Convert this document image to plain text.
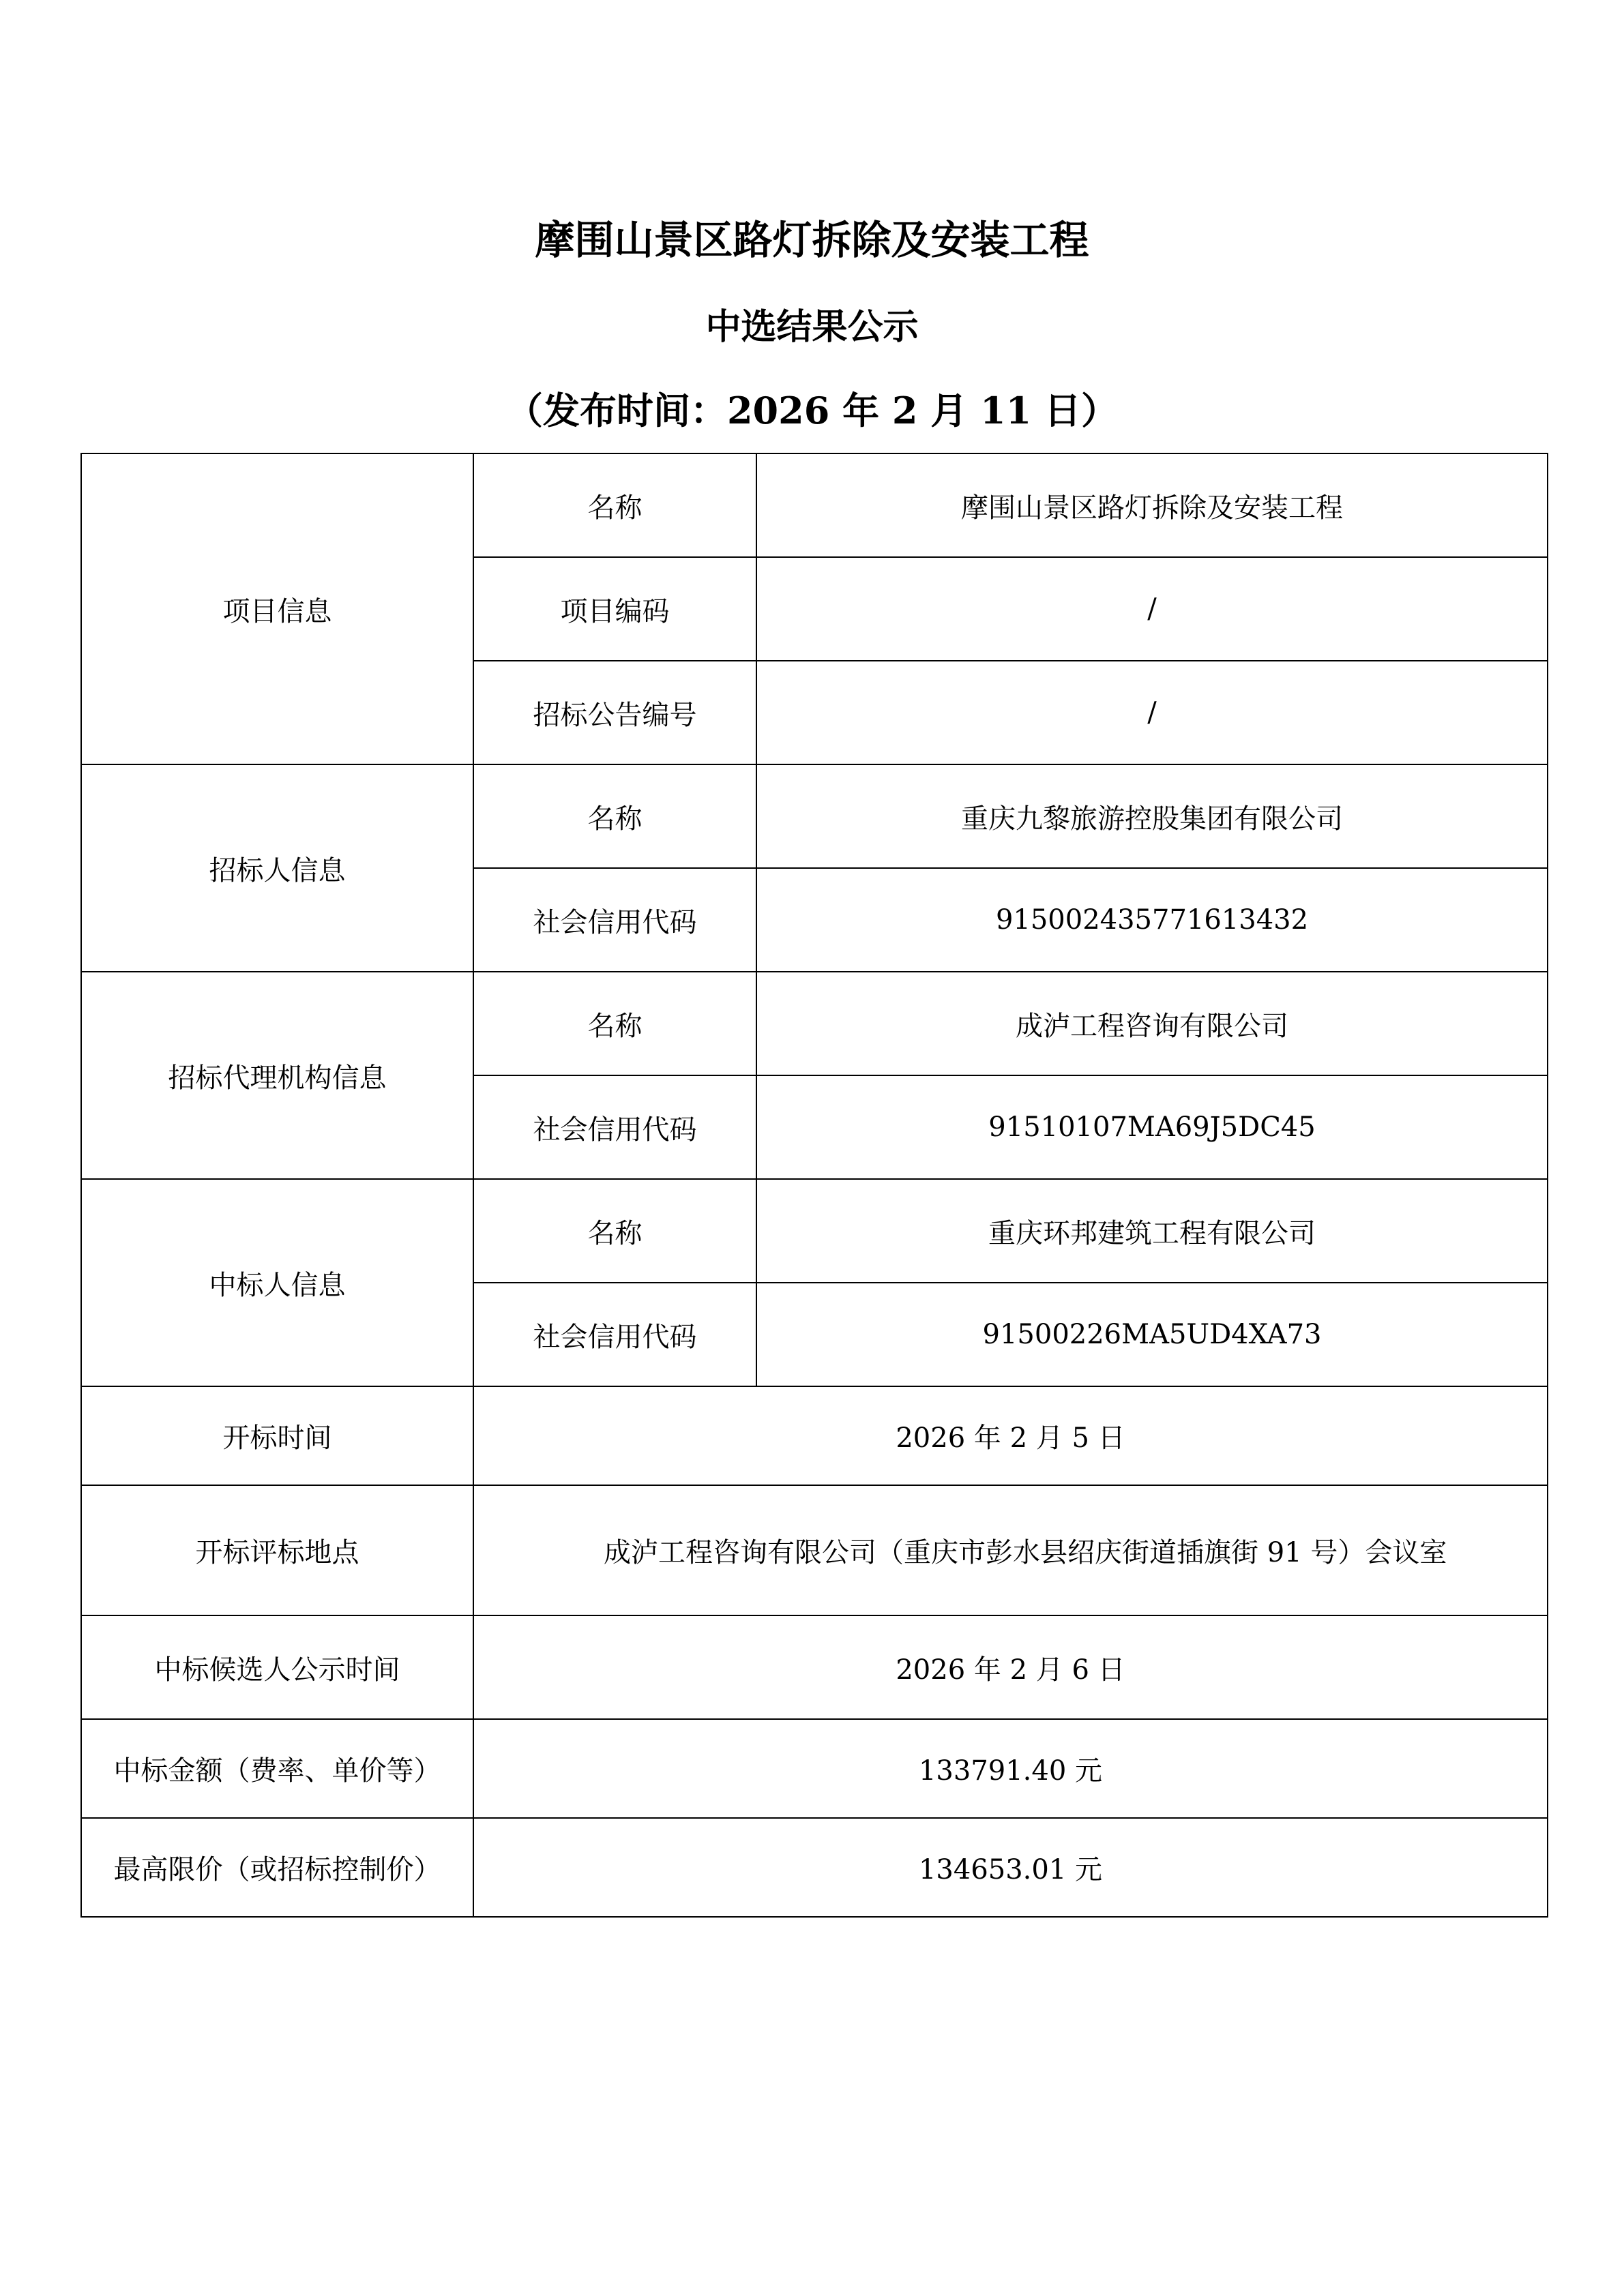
摩围山景区路灯拆除及安装工程
中选结果公示
（发布时间：2026 年 2 月 11 日）
项目信息	名称	摩围山景区路灯拆除及安装工程
	项目编码	/
	招标公告编号	/
招标人信息	名称	重庆九黎旅游控股集团有限公司
	社会信用代码	915002435771613432
招标代理机构信息	名称	成泸工程咨询有限公司
	社会信用代码	91510107MA69J5DC45
中标人信息	名称	重庆环邦建筑工程有限公司
	社会信用代码	91500226MA5UD4XA73
开标时间	2026 年 2 月 5 日	
开标评标地点	成泸工程咨询有限公司（重庆市彭水县绍庆街道插旗街 91 号）会议室	
中标候选人公示时间	2026 年 2 月 6 日	
中标金额（费率、单价等）	133791.40 元	
最高限价（或招标控制价）	134653.01 元	
